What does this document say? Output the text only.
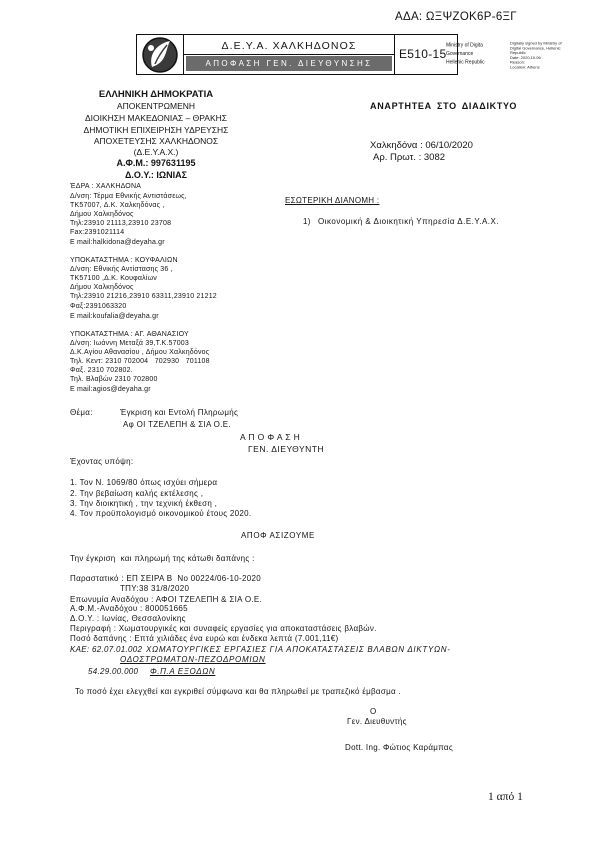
ΑΔΑ: ΩΞΨΖΟΚ6Ρ-6ΞΓ
Δ.Ε.Υ.Α. ΧΑΛΚΗΔΟΝΟΣ
ΑΠΟΦΑΣΗ ΓΕΝ. ΔΙΕΥΘΥΝΣΗΣ
Ε510-15
Ministry of Digita
Governance
Hellenic Republic
Digitally signed by Ministry of
Digital Governance, Hellenic
Republic
Date: 2020.10.06
Reason:
Location: Athens
ΕΛΛΗΝΙΚΗ ΔΗΜΟΚΡΑΤΙΑ
ΑΠΟΚΕΝΤΡΩΜΕΝΗ
ΔΙΟΙΚΗΣΗ ΜΑΚΕΔΟΝΙΑΣ – ΘΡΑΚΗΣ
ΔΗΜΟΤΙΚΗ ΕΠΙΧΕΙΡΗΣΗ ΥΔΡΕΥΣΗΣ
ΑΠΟΧΕΤΕΥΣΗΣ ΧΑΛΚΗΔΟΝΟΣ
(Δ.Ε.Υ.Α.Χ.)
Α.Φ.Μ.: 997631195
Δ.Ο.Υ.: ΙΩΝΙΑΣ
ΈΔΡΑ : ΧΑΛΚΗΔΟΝΑ
Δ/νση: Τέρμα Εθνικής Αντιστάσεως,
ΤΚ57007, Δ.Κ. Χαλκηδόνας ,
Δήμου Χαλκηδόνος
Τηλ:23910 21113,23910 23708
Fax:2391021114
E mail:halkidona@deyaha.gr
ΥΠΟΚΑΤΑΣΤΗΜΑ : ΚΟΥΦΑΛΙΩΝ
Δ/νση: Εθνικής Αντίστασης 36 ,
ΤΚ57100 ,Δ.Κ. Κουφαλίων
Δήμου Χαλκηδόνος
Τηλ:23910 21216,23910 63311,23910 21212
Φαξ:2391063320
E mail:koufalia@deyaha.gr
ΥΠΟΚΑΤΑΣΤΗΜΑ : ΑΓ. ΑΘΑΝΑΣΙΟΥ
Δ/νση: Ιωάννη Μεταξά 39,Τ.Κ.57003
Δ.Κ.Αγίου Αθανασίου , Δήμου Χαλκηδόνος
Τηλ. Κεντ: 2310 702004   702930   701108
Φαξ. 2310 702802.
Τηλ. Βλαβών 2310 702800
E mail:agios@deyaha.gr
ΑΝΑΡΤΗΤΕΑ ΣΤΟ ΔΙΑΔΙΚΤΥΟ
Χαλκηδόνα : 06/10/2020
Αρ. Πρωτ. : 3082
ΕΣΩΤΕΡΙΚΗ ΔΙΑΝΟΜΗ :
1) Οικονομική & Διοικητική Υπηρεσία Δ.Ε.Υ.Α.Χ.
Θέμα:	Έγκριση και Εντολή Πληρωμής
Αφ ΟΙ ΤΖΕΛΕΠΗ & ΣΙΑ Ο.Ε.
Α Π Ο Φ Α Σ Η
ΓΕΝ. ΔΙΕΥΘΥΝΤΗ
Έχοντας υπόψη:
1. Τον Ν. 1069/80 όπως ισχύει σήμερα
2. Την βεβαίωση καλής εκτέλεσης ,
3. Την διοικητική , την τεχνική έκθεση ,
4. Τον προϋπολογισμό οικονομικού έτους 2020.
ΑΠΟΦ ΑΣΙΖΟΥΜΕ
Την έγκριση  και πληρωμή της κάτωθι δαπάνης :
Παραστατικό : ΕΠ ΣΕΙΡΑ Β  Νο 00224/06-10-2020
ΤΠΥ:38 31/8/2020
Επωνυμία Αναδόχου : ΑΦΟΙ ΤΖΕΛΕΠΗ & ΣΙΑ Ο.Ε.
Α.Φ.Μ.-Αναδόχου : 800051665
Δ.Ο.Υ. : Ιωνίας, Θεσσαλονίκης
Περιγραφή : Χωματουργικές και συναφείς εργασίες για αποκαταστάσεις βλαβών.
Ποσό δαπάνης : Επτά χιλιάδες ένα ευρώ και ένδεκα λεπτά (7.001,11€)
ΚΑΕ: 62.07.01.002 ΧΩΜΑΤΟΥΡΓΙΚΕΣ ΕΡΓΑΣΙΕΣ ΓΙΑ ΑΠΟΚΑΤΑΣΤΑΣΕΙΣ ΒΛΑΒΩΝ ΔΙΚΤΥΩΝ-
ΟΔΟΣΤΡΩΜΑΤΩΝ-ΠΕΖΟΔΡΟΜΙΩΝ
54.29.00.000 Φ.Π.Α ΕΞΟΔΩΝ
Το ποσό έχει ελεγχθεί και εγκριθεί σύμφωνα και θα πληρωθεί με τραπεζικό έμβασμα .
Ο
Γεν. Διευθυντής
Dott. Ing. Φώτιος Καράμπας
1 από 1
